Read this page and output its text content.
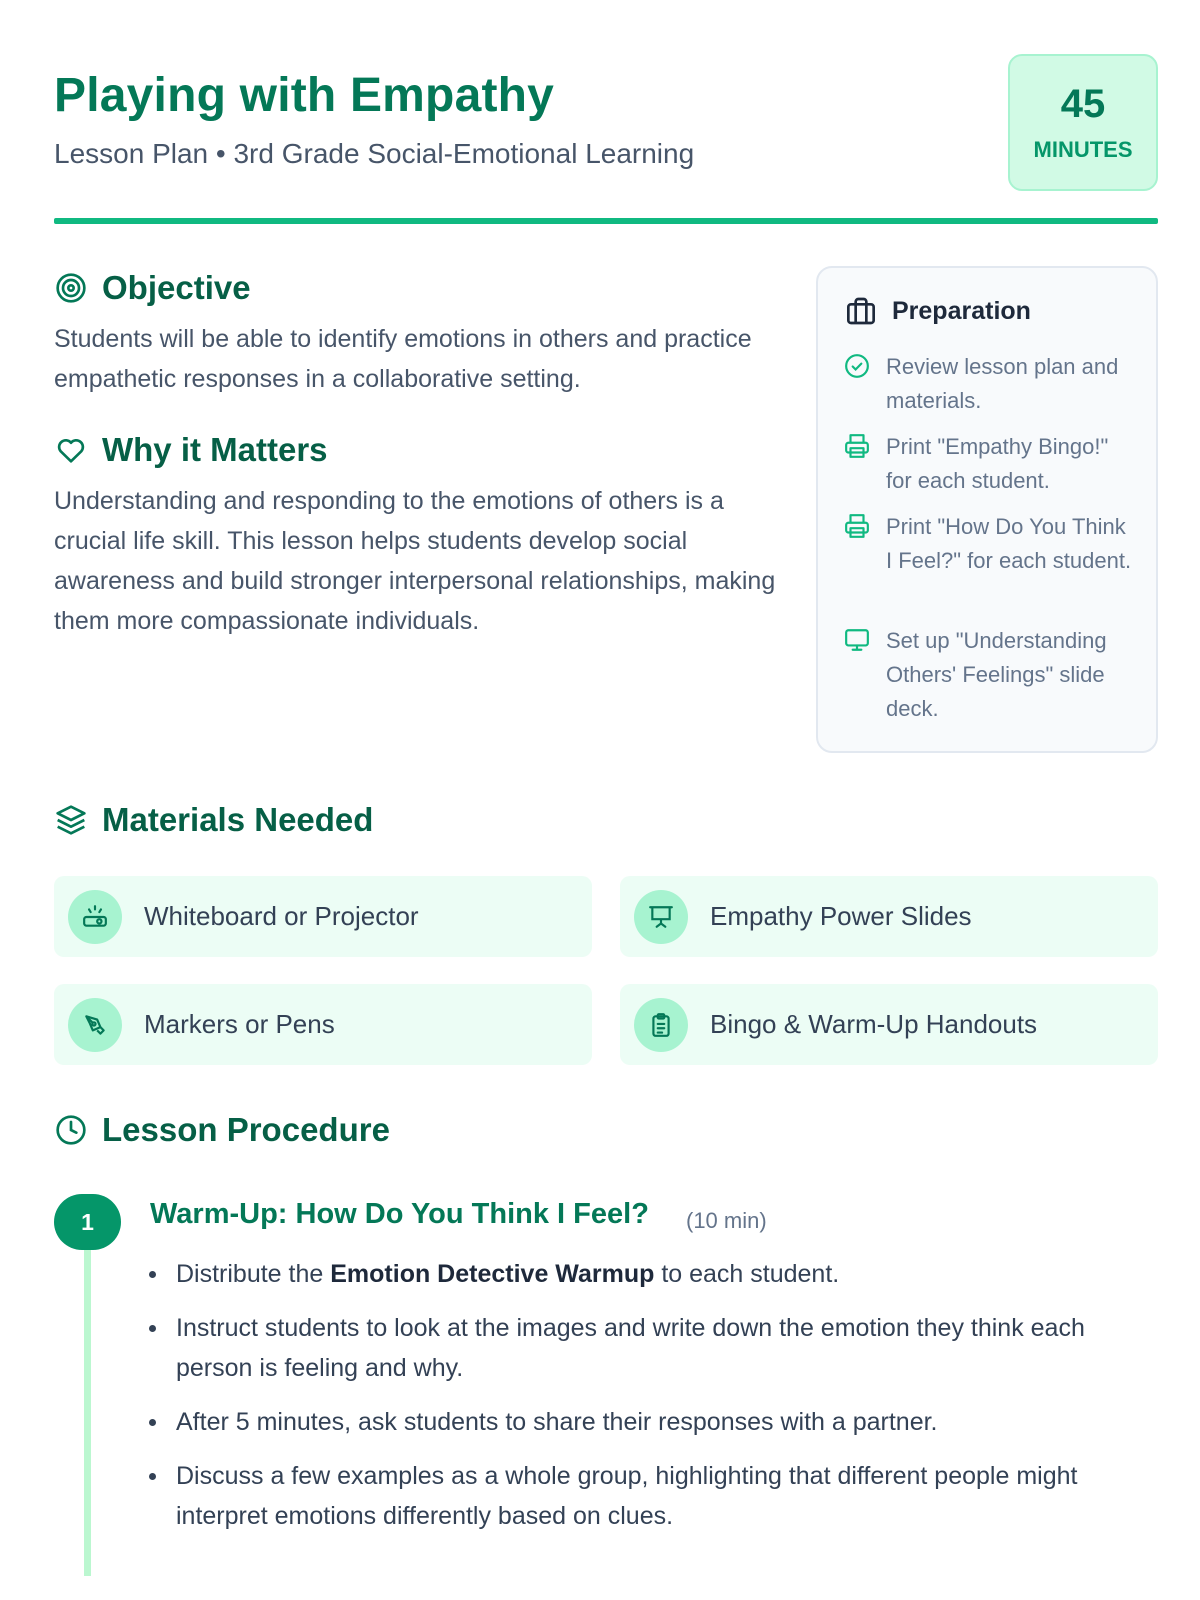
Playing with Empathy
Lesson Plan • 3rd Grade Social-Emotional Learning
45
MINUTES
Objective
Students will be able to identify emotions in others and practice empathetic responses in a collaborative setting.
Why it Matters
Understanding and responding to the emotions of others is a crucial life skill. This lesson helps students develop social awareness and build stronger interpersonal relationships, making them more compassionate individuals.
Preparation
Review lesson plan and materials.
Print "Empathy Bingo!" for each student.
Print "How Do You Think I Feel?" for each student.
Set up "Understanding Others' Feelings" slide deck.
Materials Needed
Whiteboard or Projector	Empathy Power Slides
Markers or Pens	Bingo & Warm-Up Handouts
Lesson Procedure
1	Warm-Up: How Do You Think I Feel? (10 min)
Distribute the Emotion Detective Warmup to each student.
Instruct students to look at the images and write down the emotion they think each person is feeling and why.
After 5 minutes, ask students to share their responses with a partner.
Discuss a few examples as a whole group, highlighting that different people might interpret emotions differently based on clues.
